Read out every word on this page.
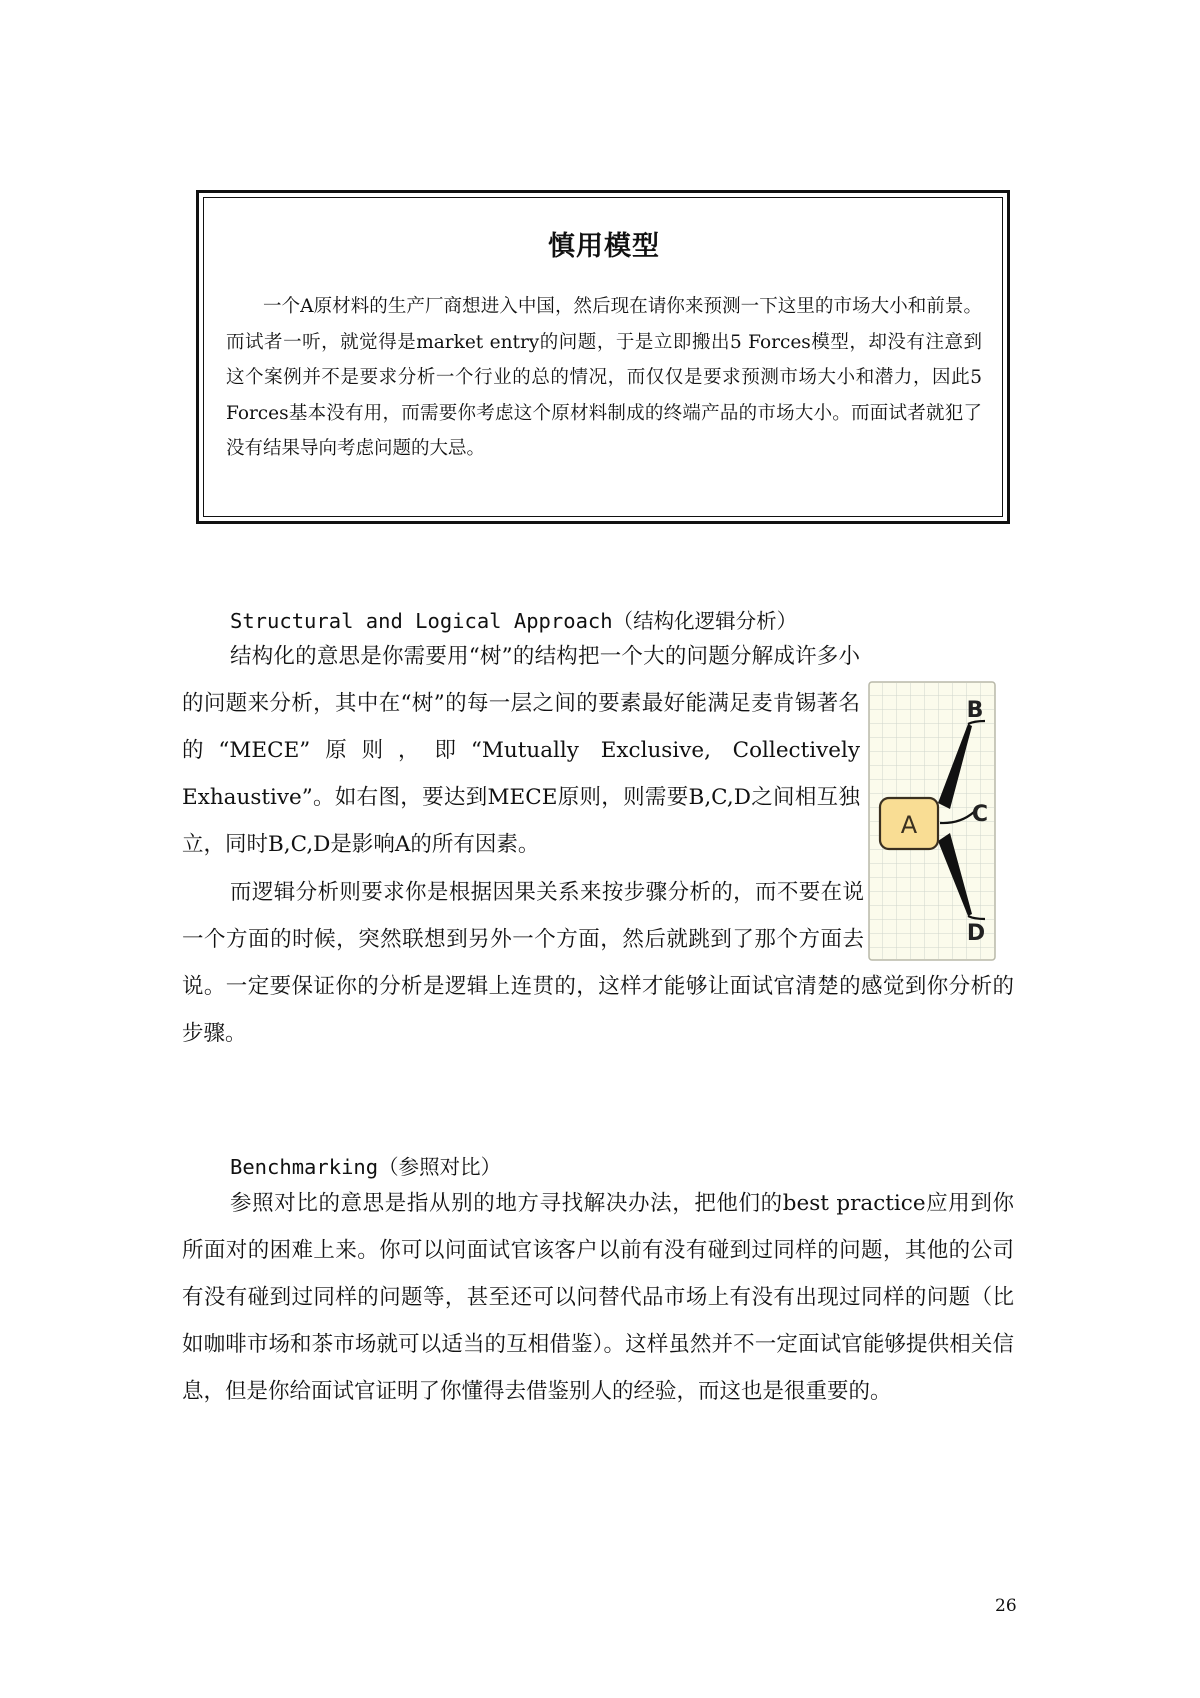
慎用模型

一个A原材料的生产厂商想进入中国，然后现在请你来预测一下这里的市场大小和前景。而试者一听，就觉得是market entry的问题，于是立即搬出5 Forces模型，却没有注意到这个案例并不是要求分析一个行业的总的情况，而仅仅是要求预测市场大小和潜力，因此5 Forces基本没有用，而需要你考虑这个原材料制成的终端产品的市场大小。而面试者就犯了没有结果导向考虑问题的大忌。

Structural and Logical Approach（结构化逻辑分析）

结构化的意思是你需要用“树”的结构把一个大的问题分解成许多小的问题来分析，其中在“树”的每一层之间的要素最好能满足麦肯锡著名的“MECE”原则，即“Mutually Exclusive, Collectively Exhaustive”。如右图，要达到MECE原则，则需要B,C,D之间相互独立，同时B,C,D是影响A的所有因素。

A
B
C
D

而逻辑分析则要求你是根据因果关系来按步骤分析的，而不要在说一个方面的时候，突然联想到另外一个方面，然后就跳到了那个方面去说。一定要保证你的分析是逻辑上连贯的，这样才能够让面试官清楚的感觉到你分析的步骤。

Benchmarking（参照对比）

参照对比的意思是指从别的地方寻找解决办法，把他们的best practice应用到你所面对的困难上来。你可以问面试官该客户以前有没有碰到过同样的问题，其他的公司有没有碰到过同样的问题等，甚至还可以问替代品市场上有没有出现过同样的问题（比如咖啡市场和茶市场就可以适当的互相借鉴）。这样虽然并不一定面试官能够提供相关信息，但是你给面试官证明了你懂得去借鉴别人的经验，而这也是很重要的。

26
